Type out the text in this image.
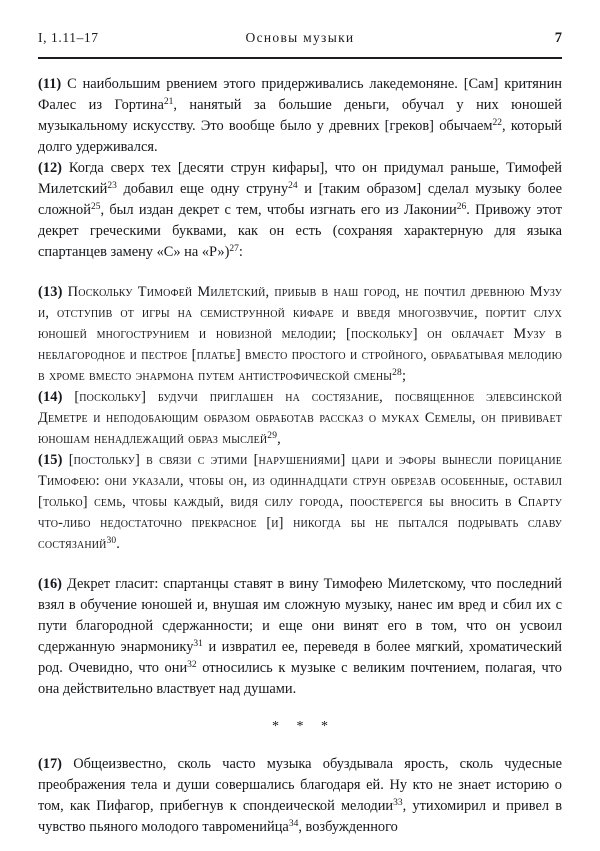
I, 1.11–17	Основы музыки	7

(11) С наибольшим рвением этого придерживались лакедемоняне. [Сам] критянин Фалес из Гортина$^{21}$, нанятый за большие деньги, обучал у них юношей музыкальному искусству. Это вообще было у древних [греков] обычаем$^{22}$, который долго удерживался.

(12) Когда сверх тех [десяти струн кифары], что он придумал раньше, Тимофей Милетский$^{23}$ добавил еще одну струну$^{24}$ и [таким образом] сделал музыку более сложной$^{25}$, был издан декрет с тем, чтобы изгнать его из Лаконии$^{26}$. Привожу этот декрет греческими буквами, как он есть (сохраняя характерную для языка спартанцев замену «С» на «Р»)$^{27}$:

(13) Поскольку Тимофей Милетский, прибыв в наш город, не почтил древнюю Музу и, отступив от игры на семиструнной кифаре и введя многозвучие, портит слух юношей многострунием и новизной мелодии; [поскольку] он облачает Музу в неблагородное и пестрое [платье] вместо простого и стройного, обрабатывая мелодию в хроме вместо энармона путем антистрофической смены$^{28}$;

(14) [поскольку] будучи приглашен на состязание, посвященное элевсинской Деметре и неподобающим образом обработав рассказ о муках Семелы, он прививает юношам ненадлежащий образ мыслей$^{29}$,

(15) [постольку] в связи с этими [нарушениями] цари и эфоры вынесли порицание Тимофею: они указали, чтобы он, из одиннадцати струн обрезав особенные, оставил [только] семь, чтобы каждый, видя силу города, поостерегся бы вносить в Спарту что-либо недостаточно прекрасное [и] никогда бы не пытался подрывать славу состязаний$^{30}$.

(16) Декрет гласит: спартанцы ставят в вину Тимофею Милетскому, что последний взял в обучение юношей и, внушая им сложную музыку, нанес им вред и сбил их с пути благородной сдержанности; и еще они винят его в том, что он усвоил сдержанную энармонику$^{31}$ и извратил ее, переведя в более мягкий, хроматический род. Очевидно, что они$^{32}$ относились к музыке с великим почтением, полагая, что она действительно властвует над душами.

* * *

(17) Общеизвестно, сколь часто музыка обуздывала ярость, сколь чудесные преображения тела и души совершались благодаря ей. Ну кто не знает историю о том, как Пифагор, прибегнув к спондеической мелодии$^{33}$, утихомирил и привел в чувство пьяного молодого тавроменийца$^{34}$, возбужденного
